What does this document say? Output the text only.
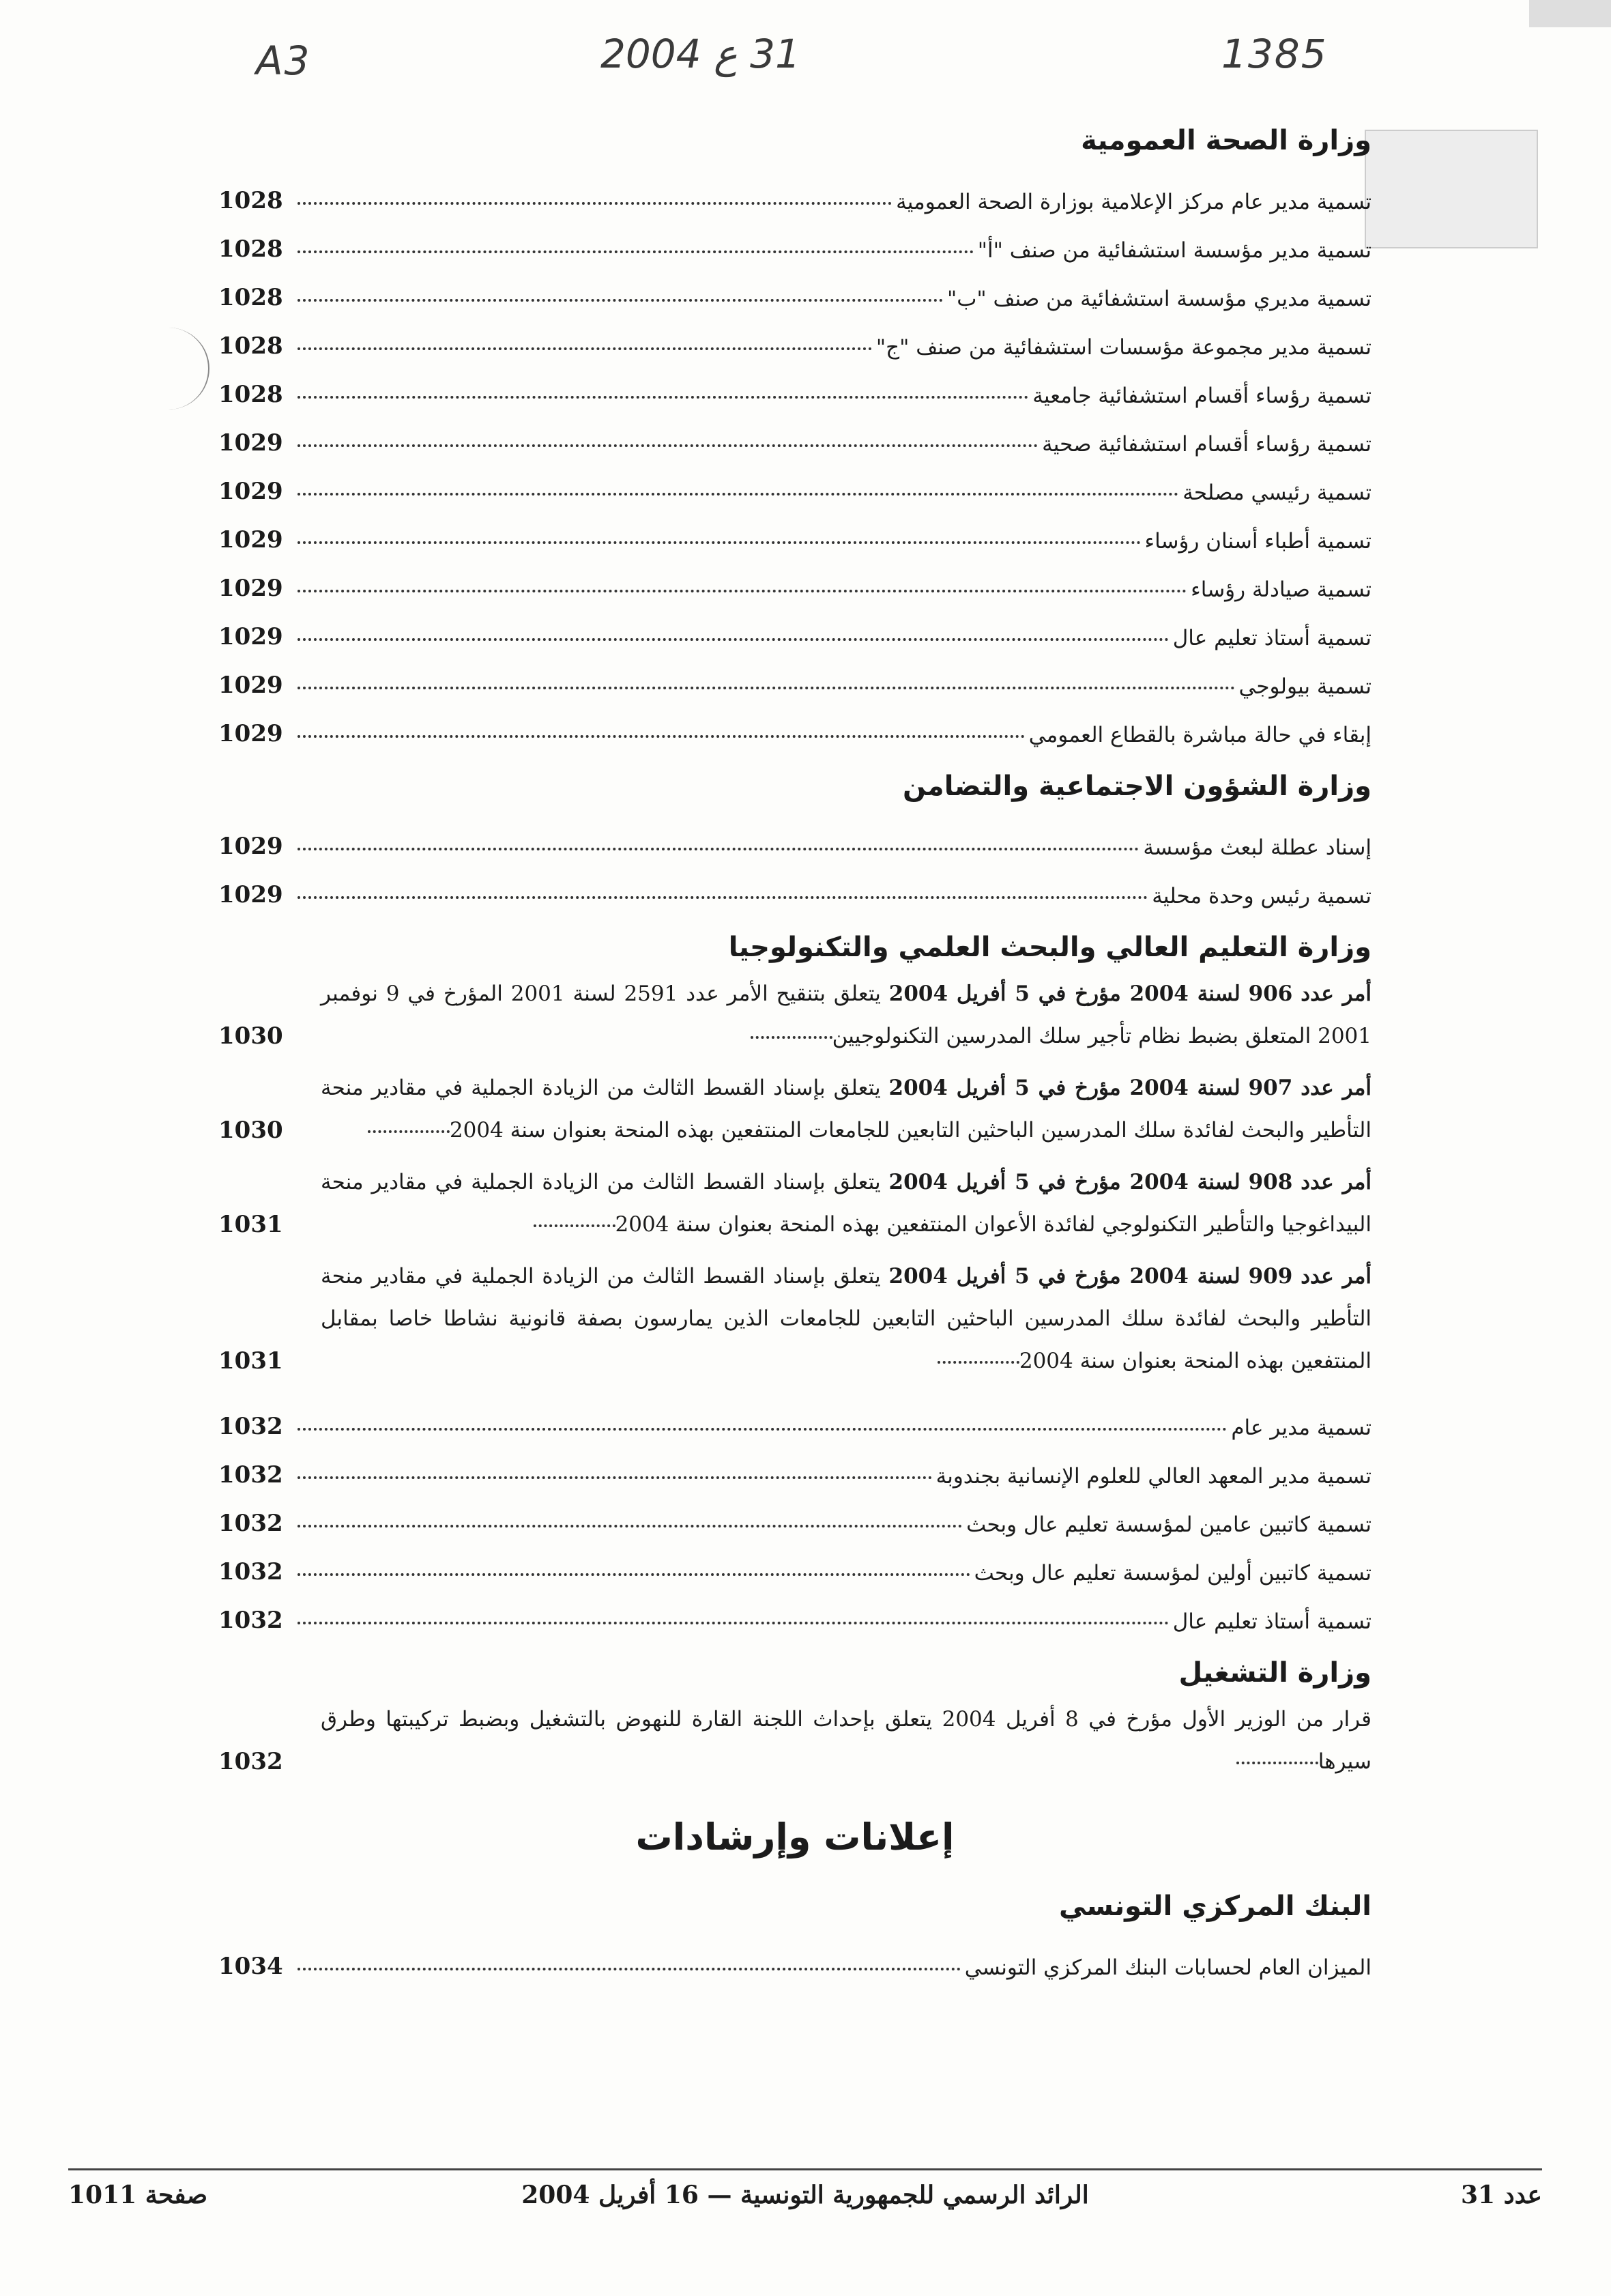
A3	31 ع 2004	1385
وزارة الصحة العمومية
تسمية مدير عام مركز الإعلامية بوزارة الصحة العمومية
1028
تسمية مدير مؤسسة استشفائية من صنف "أ"
1028
تسمية مديري مؤسسة استشفائية من صنف "ب"
1028
تسمية مدير مجموعة مؤسسات استشفائية من صنف "ج"
1028
تسمية رؤساء أقسام استشفائية جامعية
1028
تسمية رؤساء أقسام استشفائية صحية
1029
تسمية رئيسي مصلحة
1029
تسمية أطباء أسنان رؤساء
1029
تسمية صيادلة رؤساء
1029
تسمية أستاذ تعليم عال
1029
تسمية بيولوجي
1029
إبقاء في حالة مباشرة بالقطاع العمومي
1029
وزارة الشؤون الاجتماعية والتضامن
إسناد عطلة لبعث مؤسسة
1029
تسمية رئيس وحدة محلية
1029
وزارة التعليم العالي والبحث العلمي والتكنولوجيا
أمر عدد 906 لسنة 2004 مؤرخ في 5 أفريل 2004 يتعلق بتنقيح الأمر عدد 2591 لسنة 2001 المؤرخ في 9 نوفمبر 2001 المتعلق بضبط نظام تأجير سلك المدرسين التكنولوجيين
1030
أمر عدد 907 لسنة 2004 مؤرخ في 5 أفريل 2004 يتعلق بإسناد القسط الثالث من الزيادة الجملية في مقادير منحة التأطير والبحث لفائدة سلك المدرسين الباحثين التابعين للجامعات المنتفعين بهذه المنحة بعنوان سنة 2004
1030
أمر عدد 908 لسنة 2004 مؤرخ في 5 أفريل 2004 يتعلق بإسناد القسط الثالث من الزيادة الجملية في مقادير منحة البيداغوجيا والتأطير التكنولوجي لفائدة الأعوان المنتفعين بهذه المنحة بعنوان سنة 2004
1031
أمر عدد 909 لسنة 2004 مؤرخ في 5 أفريل 2004 يتعلق بإسناد القسط الثالث من الزيادة الجملية في مقادير منحة التأطير والبحث لفائدة سلك المدرسين الباحثين التابعين للجامعات الذين يمارسون بصفة قانونية نشاطا خاصا بمقابل المنتفعين بهذه المنحة بعنوان سنة 2004
1031
تسمية مدير عام
1032
تسمية مدير المعهد العالي للعلوم الإنسانية بجندوبة
1032
تسمية كاتبين عامين لمؤسسة تعليم عال وبحث
1032
تسمية كاتبين أولين لمؤسسة تعليم عال وبحث
1032
تسمية أستاذ تعليم عال
1032
وزارة التشغيل
قرار من الوزير الأول مؤرخ في 8 أفريل 2004 يتعلق بإحداث اللجنة القارة للنهوض بالتشغيل وبضبط تركيبتها وطرق سيرها
1032
إعلانات وإرشادات
البنك المركزي التونسي
الميزان العام لحسابات البنك المركزي التونسي
1034
عدد 31
الرائد الرسمي للجمهورية التونسية — 16 أفريل 2004
صفحة 1011
